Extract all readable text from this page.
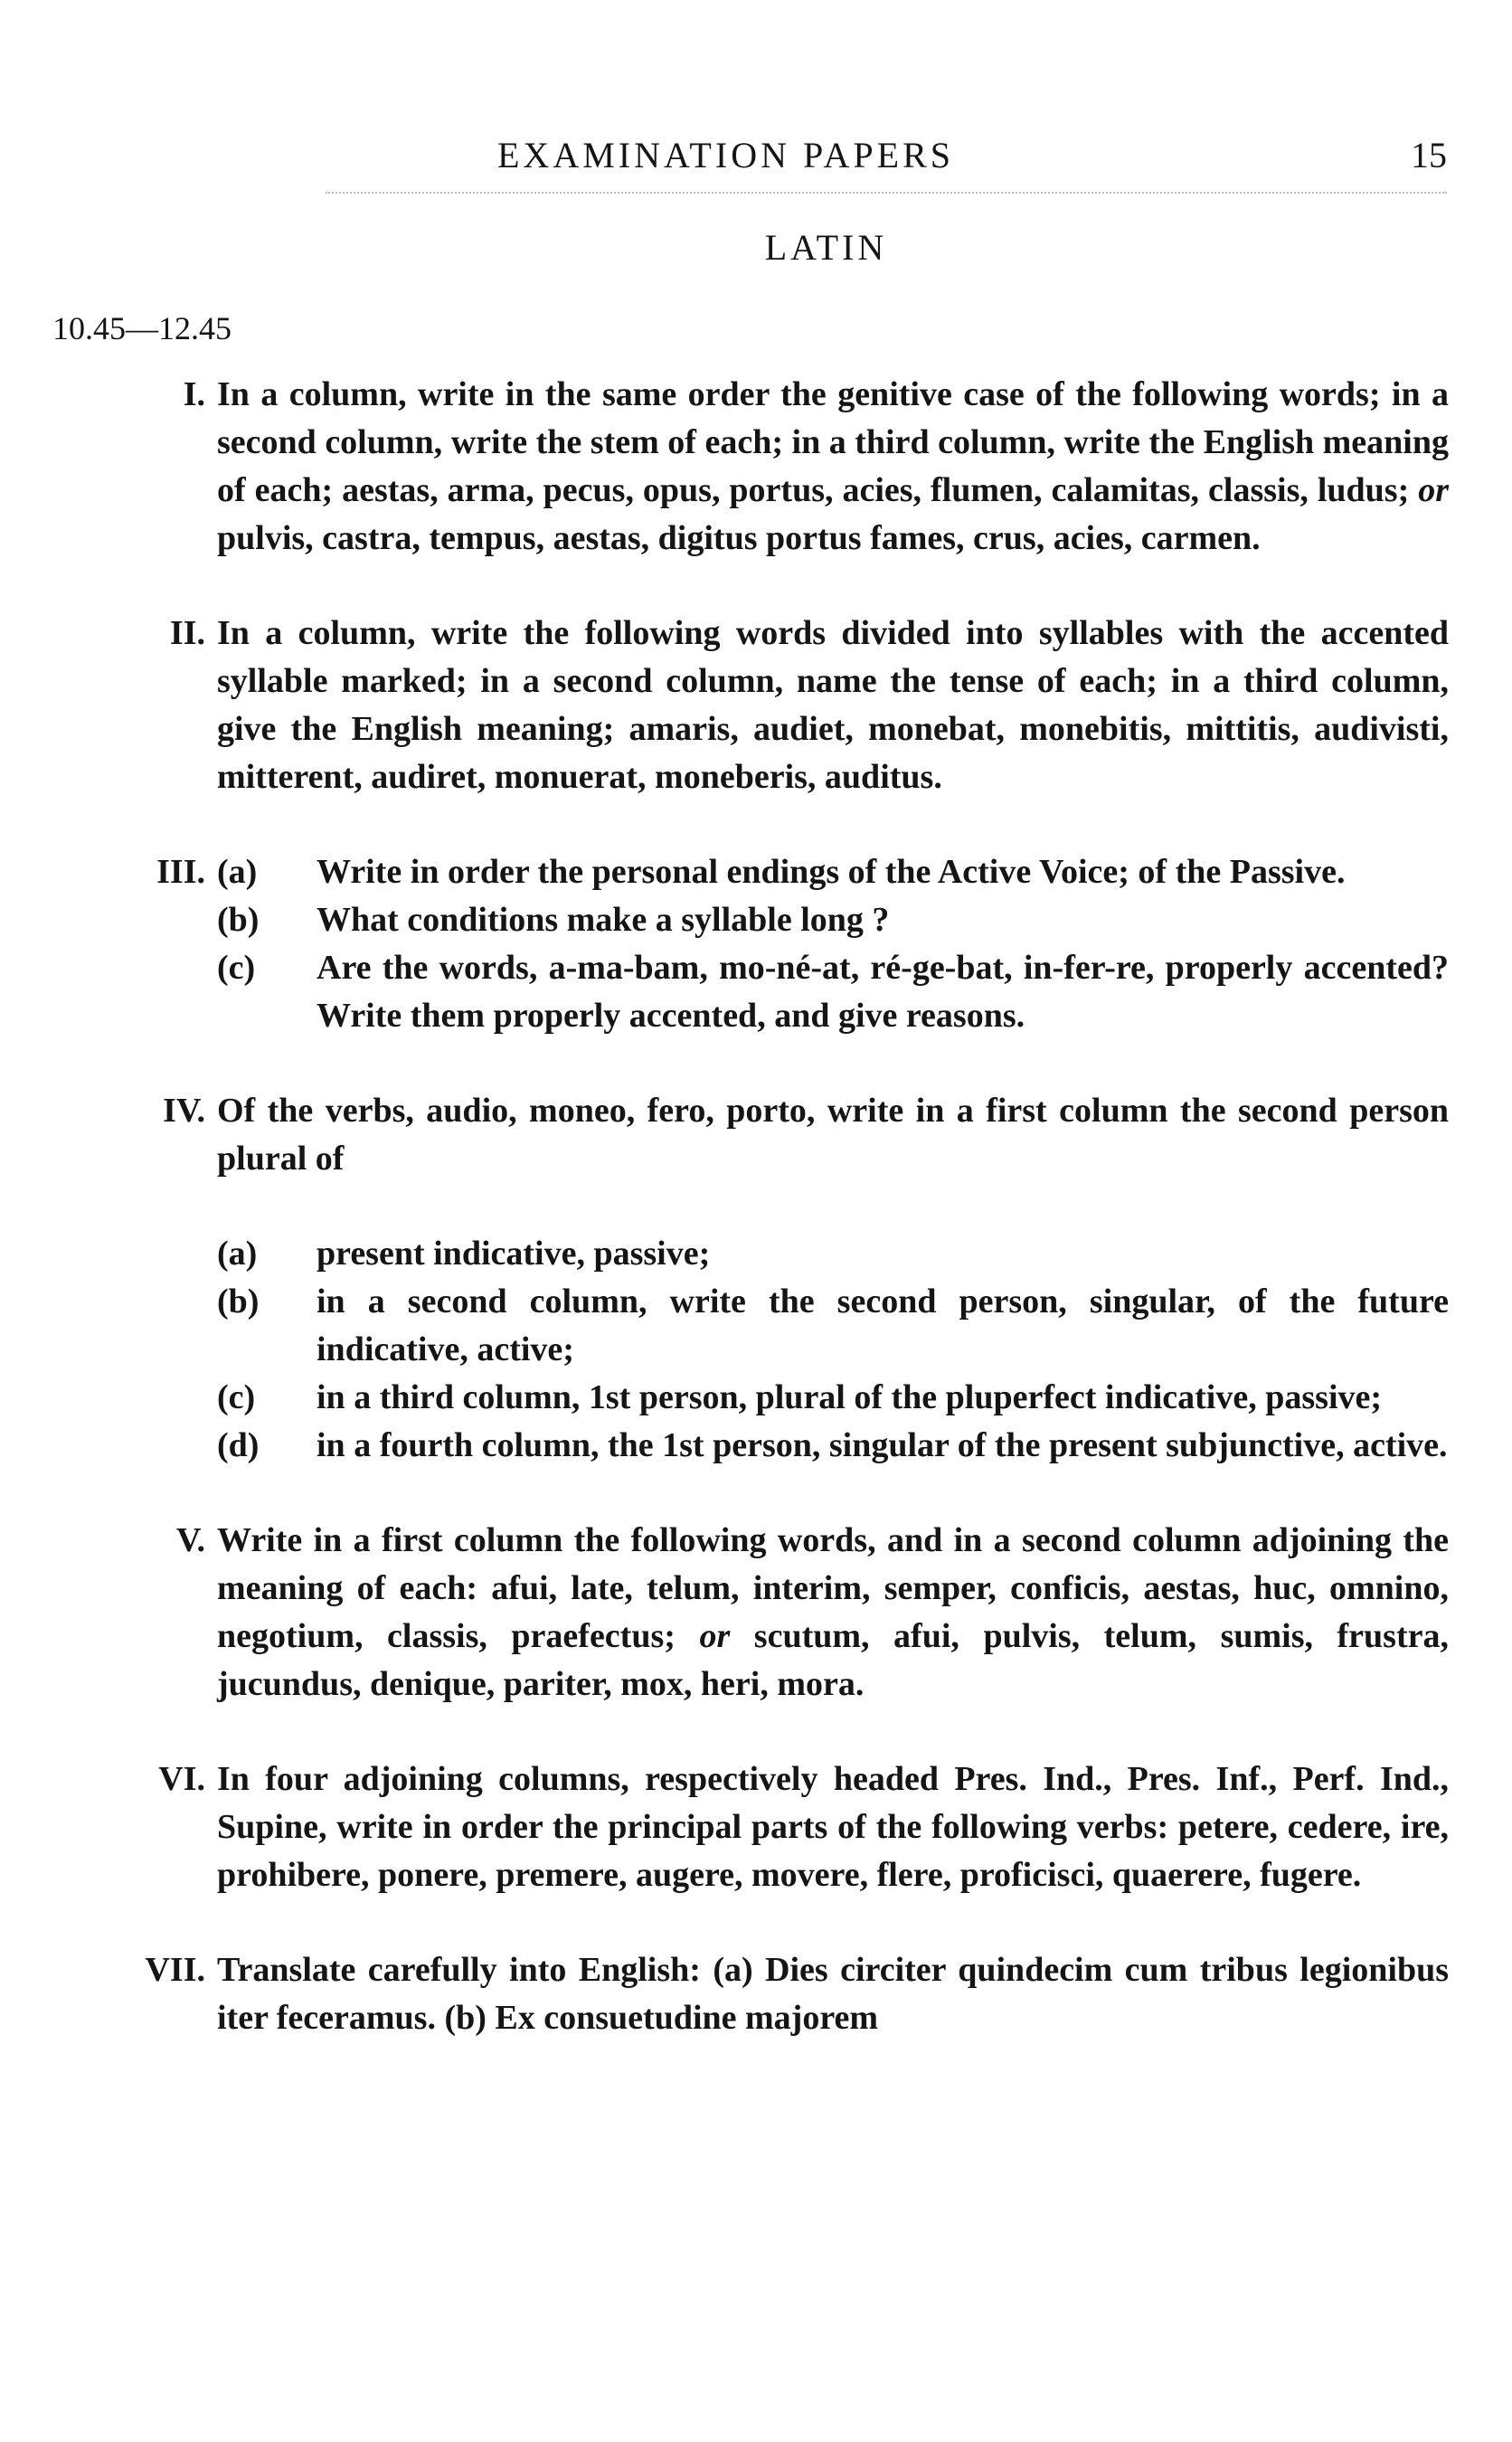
EXAMINATION PAPERS	15
LATIN
10.45—12.45
I. In a column, write in the same order the genitive case of the following words; in a second column, write the stem of each; in a third column, write the English meaning of each; aestas, arma, pecus, opus, portus, acies, flumen, calamitas, classis, ludus; or pulvis, castra, tempus, aestas, digitus portus fames, crus, acies, carmen.
II. In a column, write the following words divided into syllables with the accented syllable marked; in a second column, name the tense of each; in a third column, give the English meaning; amaris, audiet, monebat, monebitis, mittitis, audivisti, mitterent, audiret, monuerat, moneberis, auditus.
III. (a)	Write in order the personal endings of the Active Voice; of the Passive.
(b)	What conditions make a syllable long ?
(c)	Are the words, a-ma-bam, mo-né-at, ré-ge-bat, in-fer-re, properly accented? Write them properly accented, and give reasons.
IV. Of the verbs, audio, moneo, fero, porto, write in a first column the second person plural of
(a)	present indicative, passive;
(b)	in a second column, write the second person, singular, of the future indicative, active;
(c)	in a third column, 1st person, plural of the pluperfect indicative, passive;
(d)	in a fourth column, the 1st person, singular of the present subjunctive, active.
V. Write in a first column the following words, and in a second column adjoining the meaning of each: afui, late, telum, interim, semper, conficis, aestas, huc, omnino, negotium, classis, praefectus; or scutum, afui, pulvis, telum, sumis, frustra, jucundus, denique, pariter, mox, heri, mora.
VI. In four adjoining columns, respectively headed Pres. Ind., Pres. Inf., Perf. Ind., Supine, write in order the principal parts of the following verbs: petere, cedere, ire, prohibere, ponere, premere, augere, movere, flere, proficisci, quaerere, fugere.
VII. Translate carefully into English: (a) Dies circiter quindecim cum tribus legionibus iter feceramus. (b) Ex consuetudine majorem
